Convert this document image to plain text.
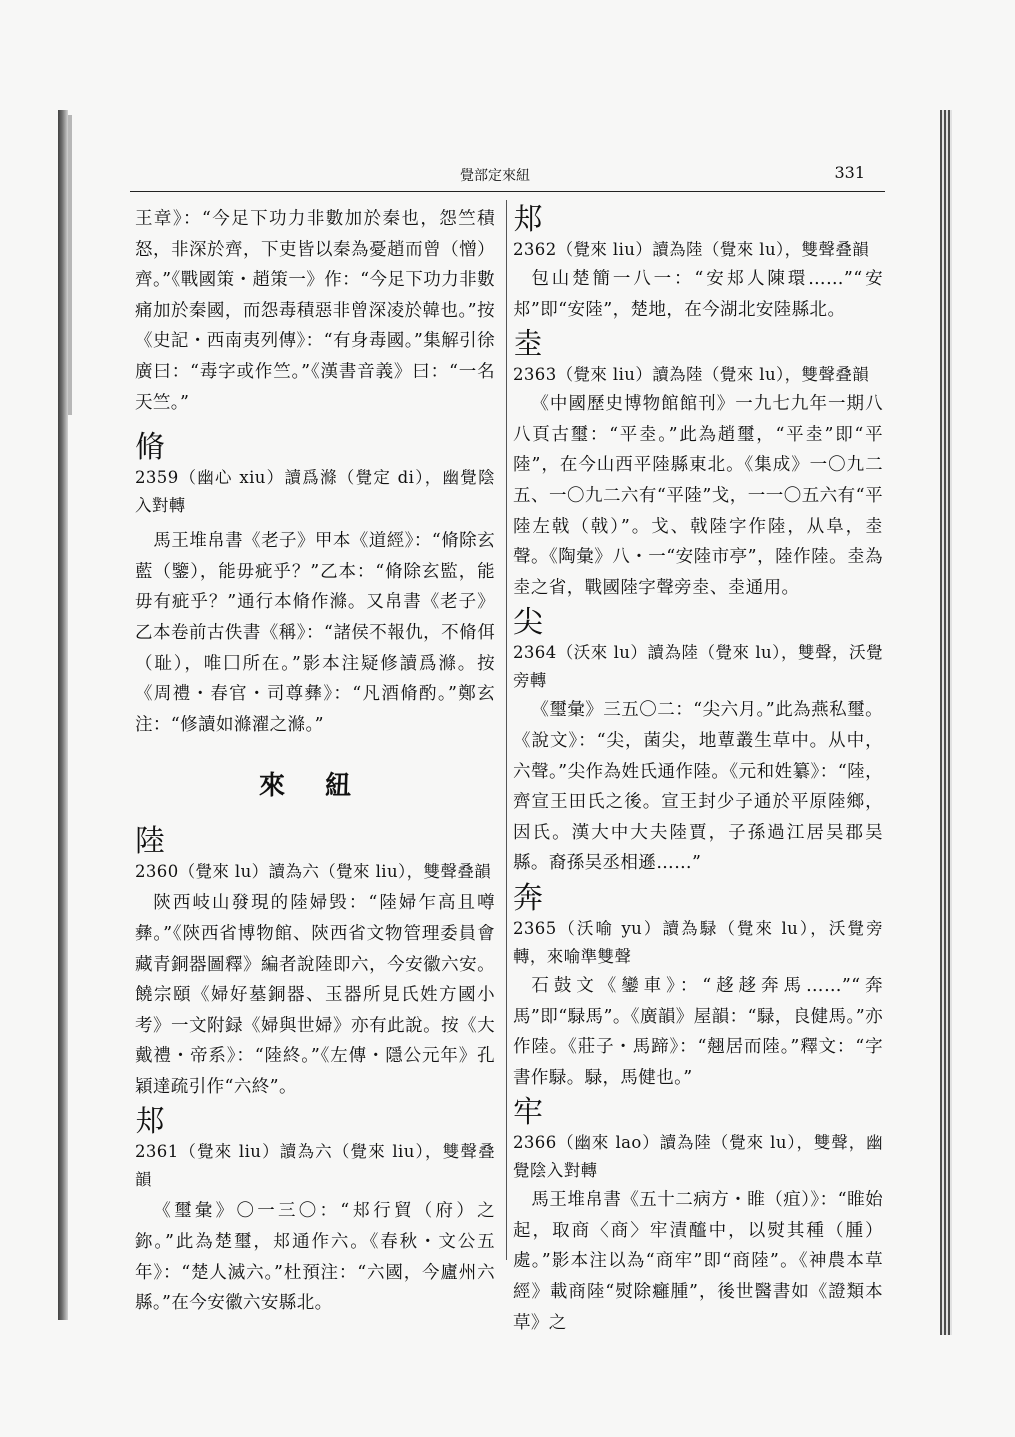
覺部定來紐	331

王章》：“今足下功力非數加於秦也，怨竺積怒，非深於齊，下吏皆以秦為憂趙而曾（憎）齊。”《戰國策・趙策一》作：“今足下功力非數痛加於秦國，而怨毒積惡非曾深凌於韓也。”按《史記・西南夷列傳》：“有身毒國。”集解引徐廣曰：“毒字或作竺。”《漢書音義》曰：“一名天竺。”

脩

2359（幽心 xiu）讀爲滌（覺定 di），幽覺陰入對轉

馬王堆帛書《老子》甲本《道經》：“脩除玄藍（鑒），能毋疵乎？”乙本：“脩除玄監，能毋有疵乎？”通行本脩作滌。又帛書《老子》乙本卷前古佚書《稱》：“諸侯不報仇，不脩佴（耻），唯囗所在。”影本注疑修讀爲滌。按《周禮・春官・司尊彝》：“凡酒脩酌。”鄭玄注：“修讀如滌濯之滌。”

來紐

陸

2360（覺來 lu）讀為六（覺來 liu），雙聲叠韻

陝西岐山發現的陸婦毁：“陸婦乍高且噂彝。”《陝西省博物館、陝西省文物管理委員會藏青銅器圖釋》編者說陸即六，今安徽六安。饒宗頤《婦好墓銅器、玉器所見氏姓方國小考》一文附録《婦與世婦》亦有此說。按《大戴禮・帝系》：“陸終。”《左傳・隱公元年》孔穎達疏引作“六終”。

邞

2361（覺來 liu）讀為六（覺來 liu），雙聲叠韻

《璽彙》〇一三〇：“邞行貿（府）之鉨。”此為楚璽，邞通作六。《春秋・文公五年》：“楚人滅六。”杜預注：“六國，今廬州六縣。”在今安徽六安縣北。

邞

2362（覺來 liu）讀為陸（覺來 lu），雙聲叠韻

包山楚簡一八一：“安邞人陳環……”“安邞”即“安陸”，楚地，在今湖北安陸縣北。

坴

2363（覺來 liu）讀為陸（覺來 lu），雙聲叠韻

《中國歷史博物館館刊》一九七九年一期八八頁古璽：“平坴。”此為趙璽，“平坴”即“平陸”，在今山西平陸縣東北。《集成》一〇九二五、一〇九二六有“平陸”戈，一一〇五六有“平陸左戟（戟）”。戈、戟陸字作陸，从阜，坴聲。《陶彙》八・一“安陸市亭”，陸作陸。坴為坴之省，戰國陸字聲旁坴、坴通用。

尖

2364（沃來 lu）讀為陸（覺來 lu），雙聲，沃覺旁轉

《璽彙》三五〇二：“尖六月。”此為燕私璽。《說文》：“尖，菌尖，地蕈叢生草中。从中，六聲。”尖作為姓氏通作陸。《元和姓纂》：“陸，齊宣王田氏之後。宣王封少子通於平原陸鄉，因氏。漢大中大夫陸賈，子孫過江居吴郡吴縣。裔孫吴丞相遜……”

奔

2365（沃喻 yu）讀為騄（覺來 lu），沃覺旁轉，來喻準雙聲

石鼓文《鑾車》：“趍趍奔馬……”“奔馬”即“騄馬”。《廣韻》屋韻：“騄，良健馬。”亦作陸。《莊子・馬蹄》：“翹居而陸。”釋文：“字書作騄。騄，馬健也。”

牢

2366（幽來 lao）讀為陸（覺來 lu），雙聲，幽覺陰入對轉

馬王堆帛書《五十二病方・睢（疽）》：“睢始起，取商〈商〉牢漬醯中，以熨其種（腫）處。”影本注以為“商牢”即“商陸”。《神農本草經》載商陸“熨除癰腫”，後世醫書如《證類本草》之
